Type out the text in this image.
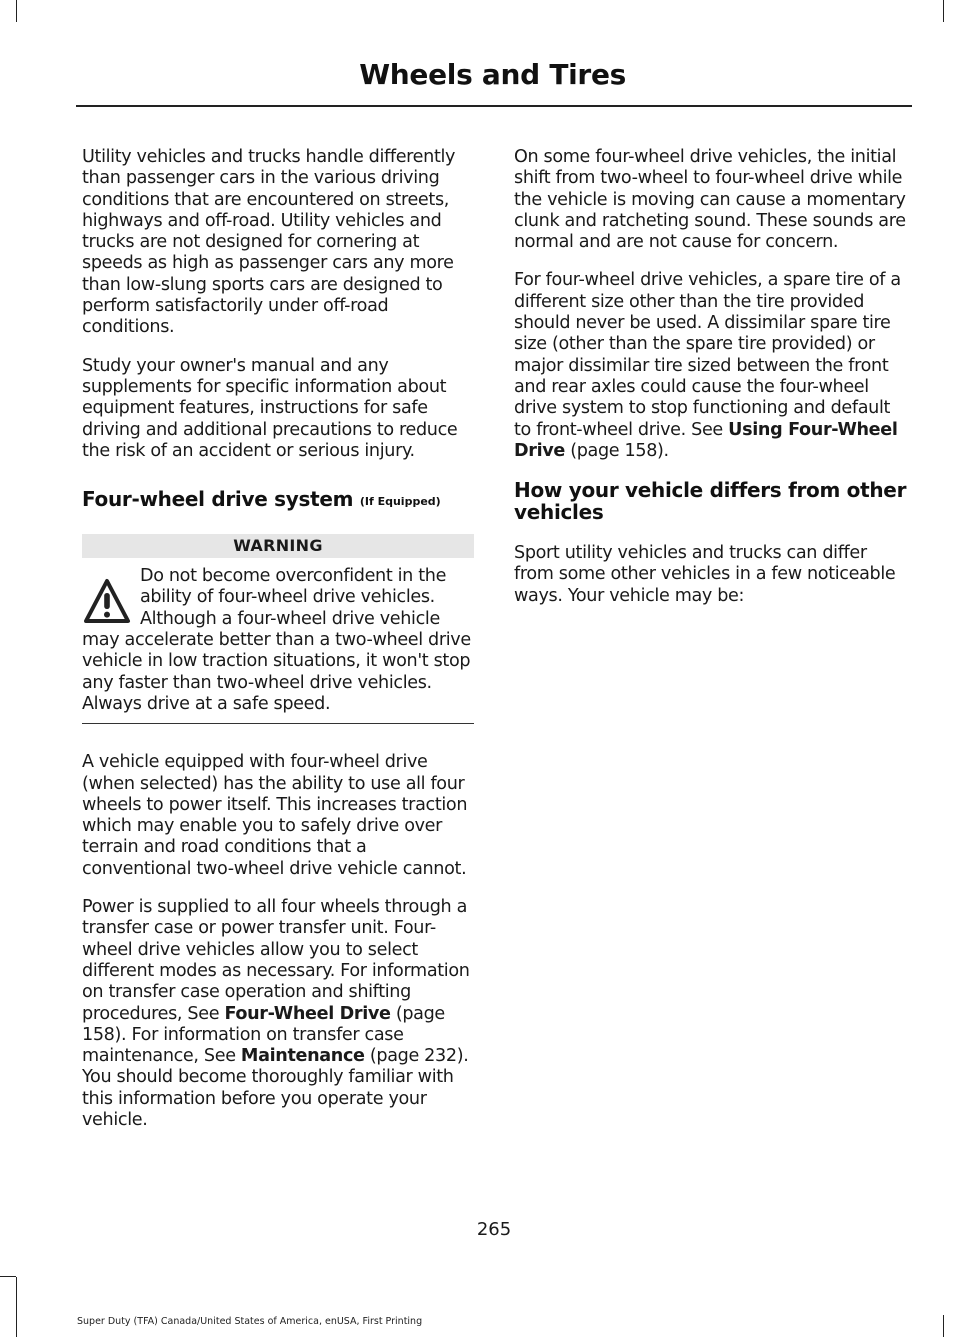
Wheels and Tires

Utility vehicles and trucks handle differently than passenger cars in the various driving conditions that are encountered on streets, highways and off-road. Utility vehicles and trucks are not designed for cornering at speeds as high as passenger cars any more than low-slung sports cars are designed to perform satisfactorily under off-road conditions.

Study your owner's manual and any supplements for specific information about equipment features, instructions for safe driving and additional precautions to reduce the risk of an accident or serious injury.

Four-wheel drive system (If Equipped)
WARNING

Do not become overconfident in the ability of four-wheel drive vehicles. Although a four-wheel drive vehicle may accelerate better than a two-wheel drive vehicle in low traction situations, it won't stop any faster than two-wheel drive vehicles. Always drive at a safe speed.

A vehicle equipped with four-wheel drive (when selected) has the ability to use all four wheels to power itself. This increases traction which may enable you to safely drive over terrain and road conditions that a conventional two-wheel drive vehicle cannot.

Power is supplied to all four wheels through a transfer case or power transfer unit. Four-wheel drive vehicles allow you to select different modes as necessary. For information on transfer case operation and shifting procedures, See Four-Wheel Drive (page 158). For information on transfer case maintenance, See Maintenance (page 232). You should become thoroughly familiar with this information before you operate your vehicle.

On some four-wheel drive vehicles, the initial shift from two-wheel to four-wheel drive while the vehicle is moving can cause a momentary clunk and ratcheting sound. These sounds are normal and are not cause for concern.

For four-wheel drive vehicles, a spare tire of a different size other than the tire provided should never be used. A dissimilar spare tire size (other than the spare tire provided) or major dissimilar tire sized between the front and rear axles could cause the four-wheel drive system to stop functioning and default to front-wheel drive. See Using Four-Wheel Drive (page 158).

How your vehicle differs from other vehicles

Sport utility vehicles and trucks can differ from some other vehicles in a few noticeable ways. Your vehicle may be:

265
Super Duty (TFA) Canada/United States of America, enUSA, First Printing
